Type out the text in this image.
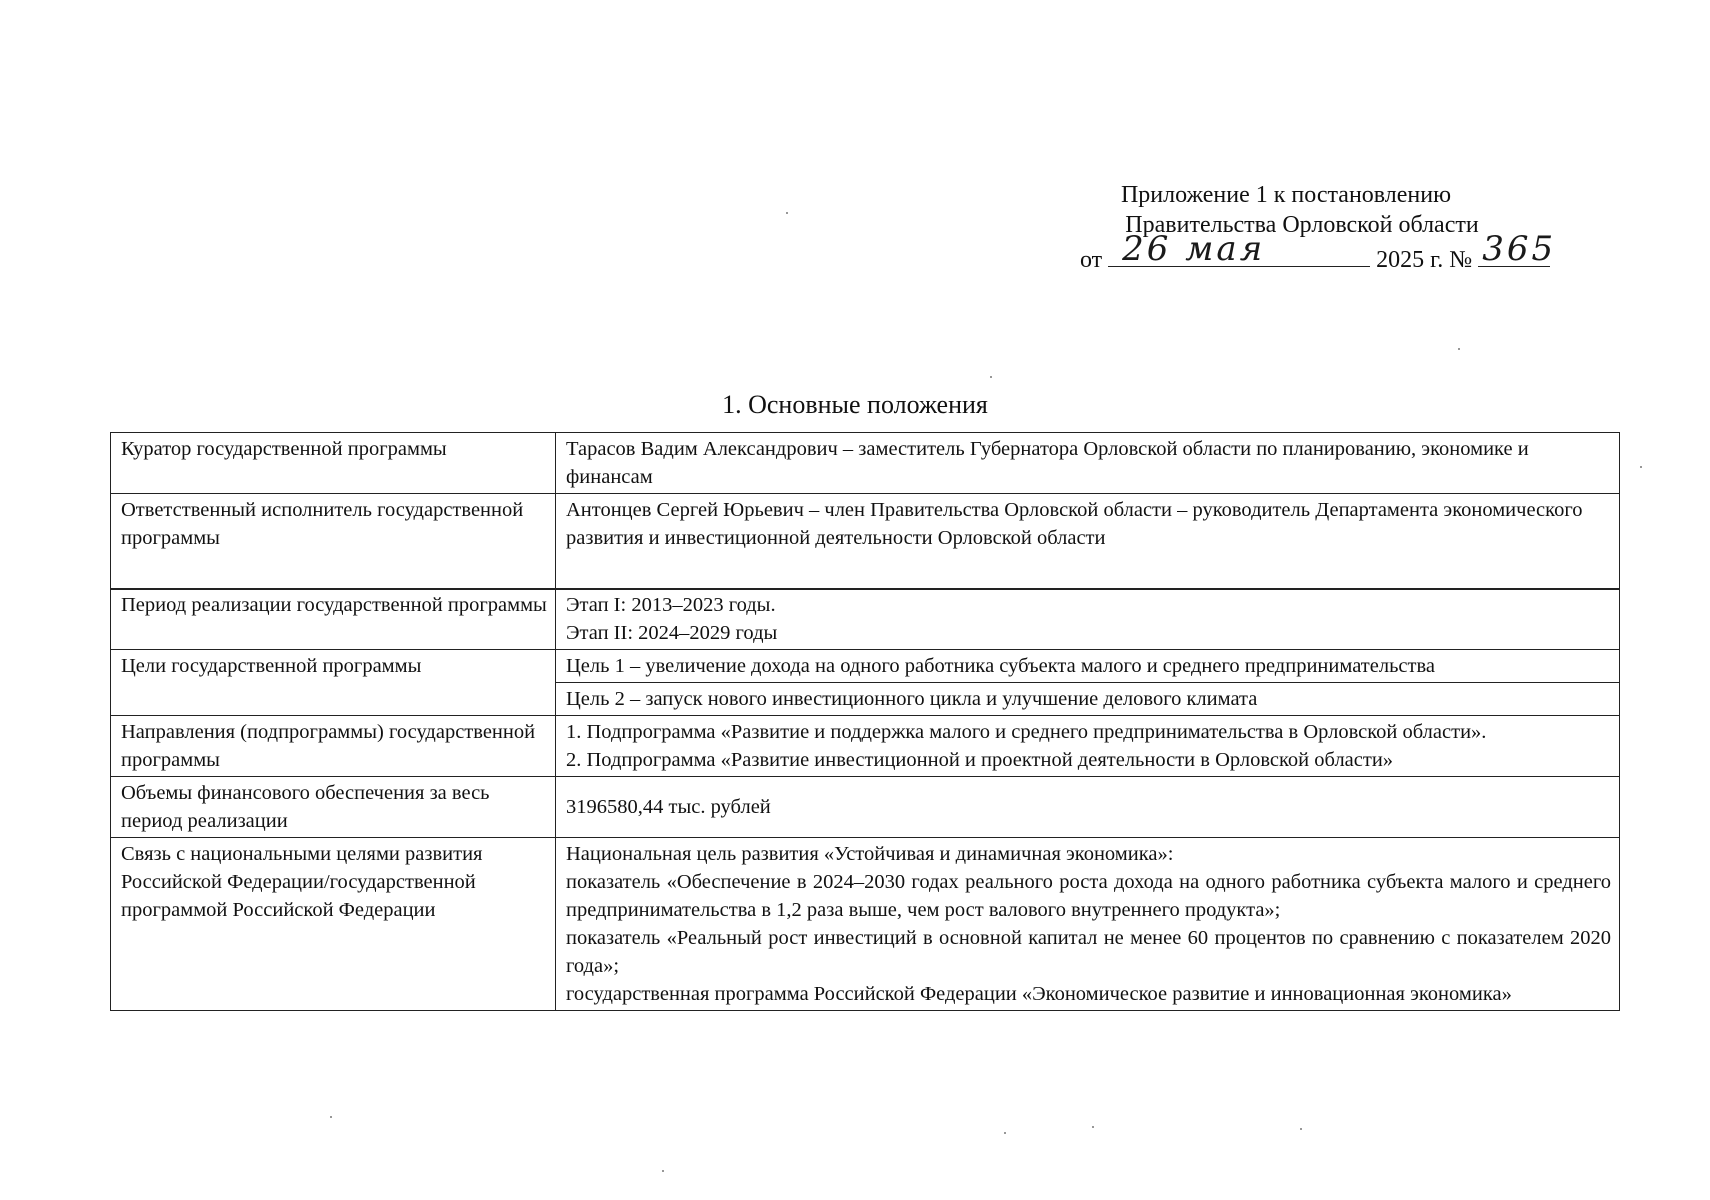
Приложение 1 к постановлению
Правительства Орловской области
от 26 мая	2025 г. № 365
1. Основные положения
Куратор государственной программы	Тарасов Вадим Александрович – заместитель Губернатора Орловской области по планированию, экономике и финансам
Ответственный исполнитель государственной программы	Антонцев Сергей Юрьевич – член Правительства Орловской области – руководитель Департамента экономического развития и инвестиционной деятельности Орловской области
Период реализации государственной программы	Этап I: 2013–2023 годы.
Этап II: 2024–2029 годы

Цели государственной программы	Цель 1 – увеличение дохода на одного работника субъекта малого и среднего предпринимательства
	Цель 2 – запуск нового инвестиционного цикла и улучшение делового климата
Направления (подпрограммы) государственной программы	1. Подпрограмма «Развитие и поддержка малого и среднего предпринимательства в Орловской области».
2. Подпрограмма «Развитие инвестиционной и проектной деятельности в Орловской области»

Объемы финансового обеспечения за весь период реализации	3196580,44 тыс. рублей
Связь с национальными целями развития Российской Федерации/государственной программой Российской Федерации	Национальная цель развития «Устойчивая и динамичная экономика»:
показатель «Обеспечение в 2024–2030 годах реального роста дохода на одного работника субъекта малого и среднего предпринимательства в 1,2 раза выше, чем рост валового внутреннего продукта»;
показатель «Реальный рост инвестиций в основной капитал не менее 60 процентов по сравнению с показателем 2020 года»;
государственная программа Российской Федерации «Экономическое развитие и инновационная экономика»
